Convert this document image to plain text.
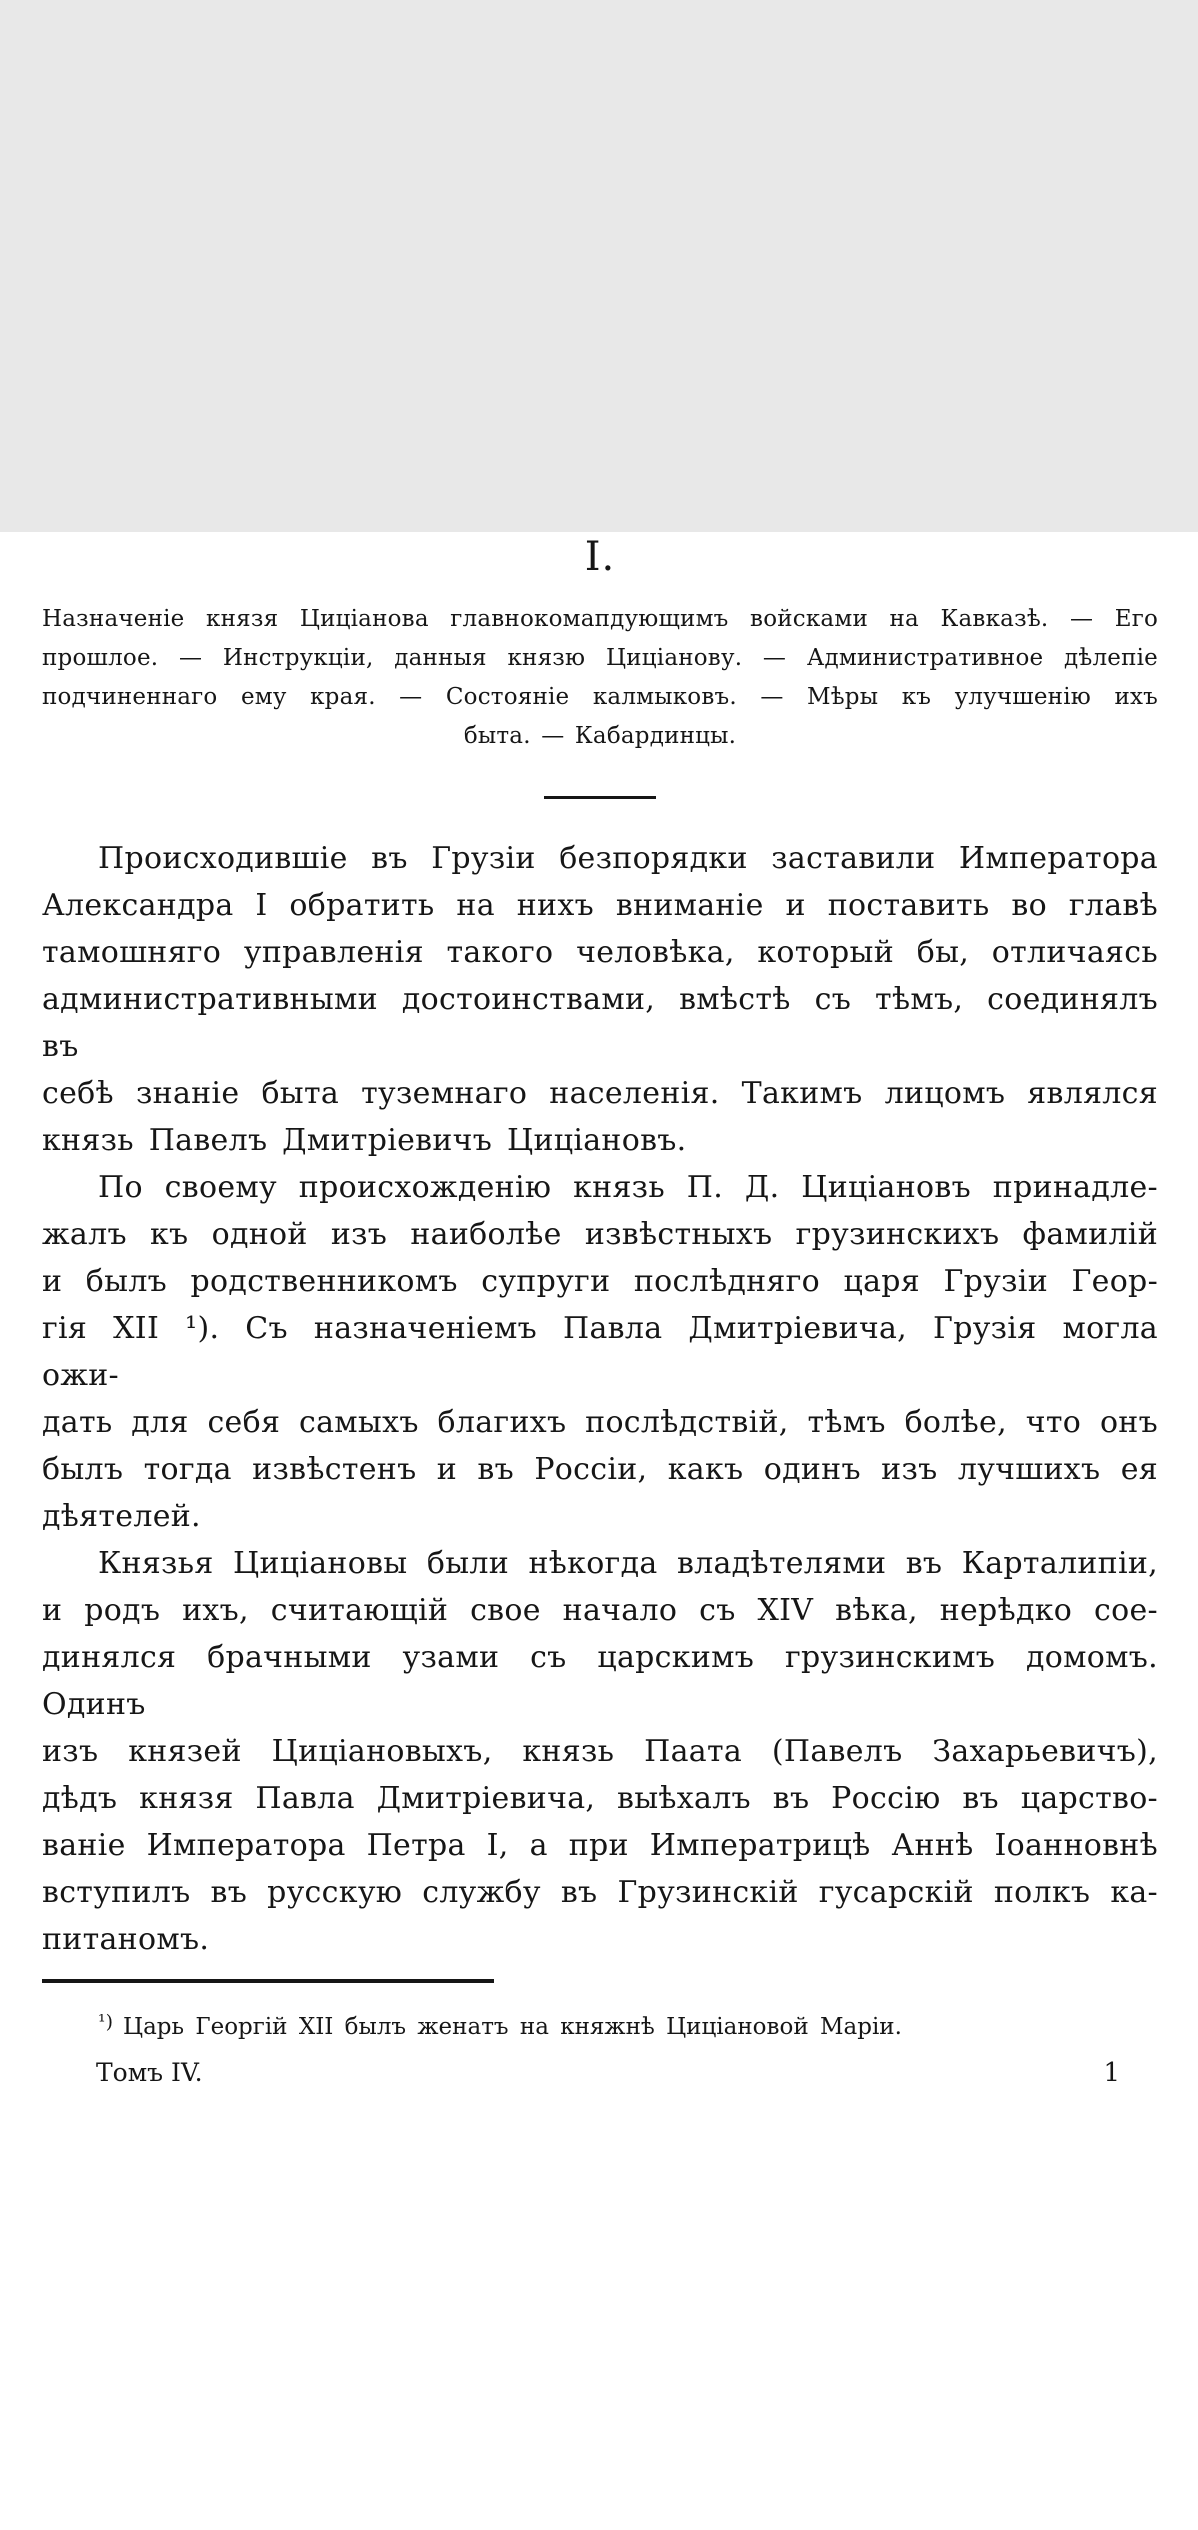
I.
Назначеніе князя Циціанова главнокомапдующимъ войсками на Кавказѣ. — Его
прошлое. — Инструкціи, данныя князю Циціанову. — Административное дѣлепіе
подчиненнаго ему края. — Состояніе калмыковъ. — Мѣры къ улучшенію ихъ
быта. — Кабардинцы.
Происходившіе въ Грузіи безпорядки заставили Императора
Александра I обратить на нихъ вниманіе и поставить во главѣ
тамошняго управленія такого человѣка, который бы, отличаясь
административными достоинствами, вмѣстѣ съ тѣмъ, соединялъ въ
себѣ знаніе быта туземнаго населенія. Такимъ лицомъ являлся
князь Павелъ Дмитріевичъ Циціановъ.
По своему происхожденію князь П. Д. Циціановъ принадле-
жалъ къ одной изъ наиболѣе извѣстныхъ грузинскихъ фамилій
и былъ родственникомъ супруги послѣдняго царя Грузіи Геор-
гія XII ¹). Съ назначеніемъ Павла Дмитріевича, Грузія могла ожи-
дать для себя самыхъ благихъ послѣдствій, тѣмъ болѣе, что онъ
былъ тогда извѣстенъ и въ Россіи, какъ одинъ изъ лучшихъ ея
дѣятелей.
Князья Циціановы были нѣкогда владѣтелями въ Карталипіи,
и родъ ихъ, считающій свое начало съ XIV вѣка, нерѣдко сое-
динялся брачными узами съ царскимъ грузинскимъ домомъ. Одинъ
изъ князей Циціановыхъ, князь Паата (Павелъ Захарьевичъ),
дѣдъ князя Павла Дмитріевича, выѣхалъ въ Россію въ царство-
ваніе Императора Петра I, а при Императрицѣ Аннѣ Іоанновнѣ
вступилъ въ русскую службу въ Грузинскій гусарскій полкъ ка-
питаномъ.
$^{^1)}$ Царь Георгій XII былъ женатъ на княжнѣ Циціановой Маріи.
Томъ IV.	1
